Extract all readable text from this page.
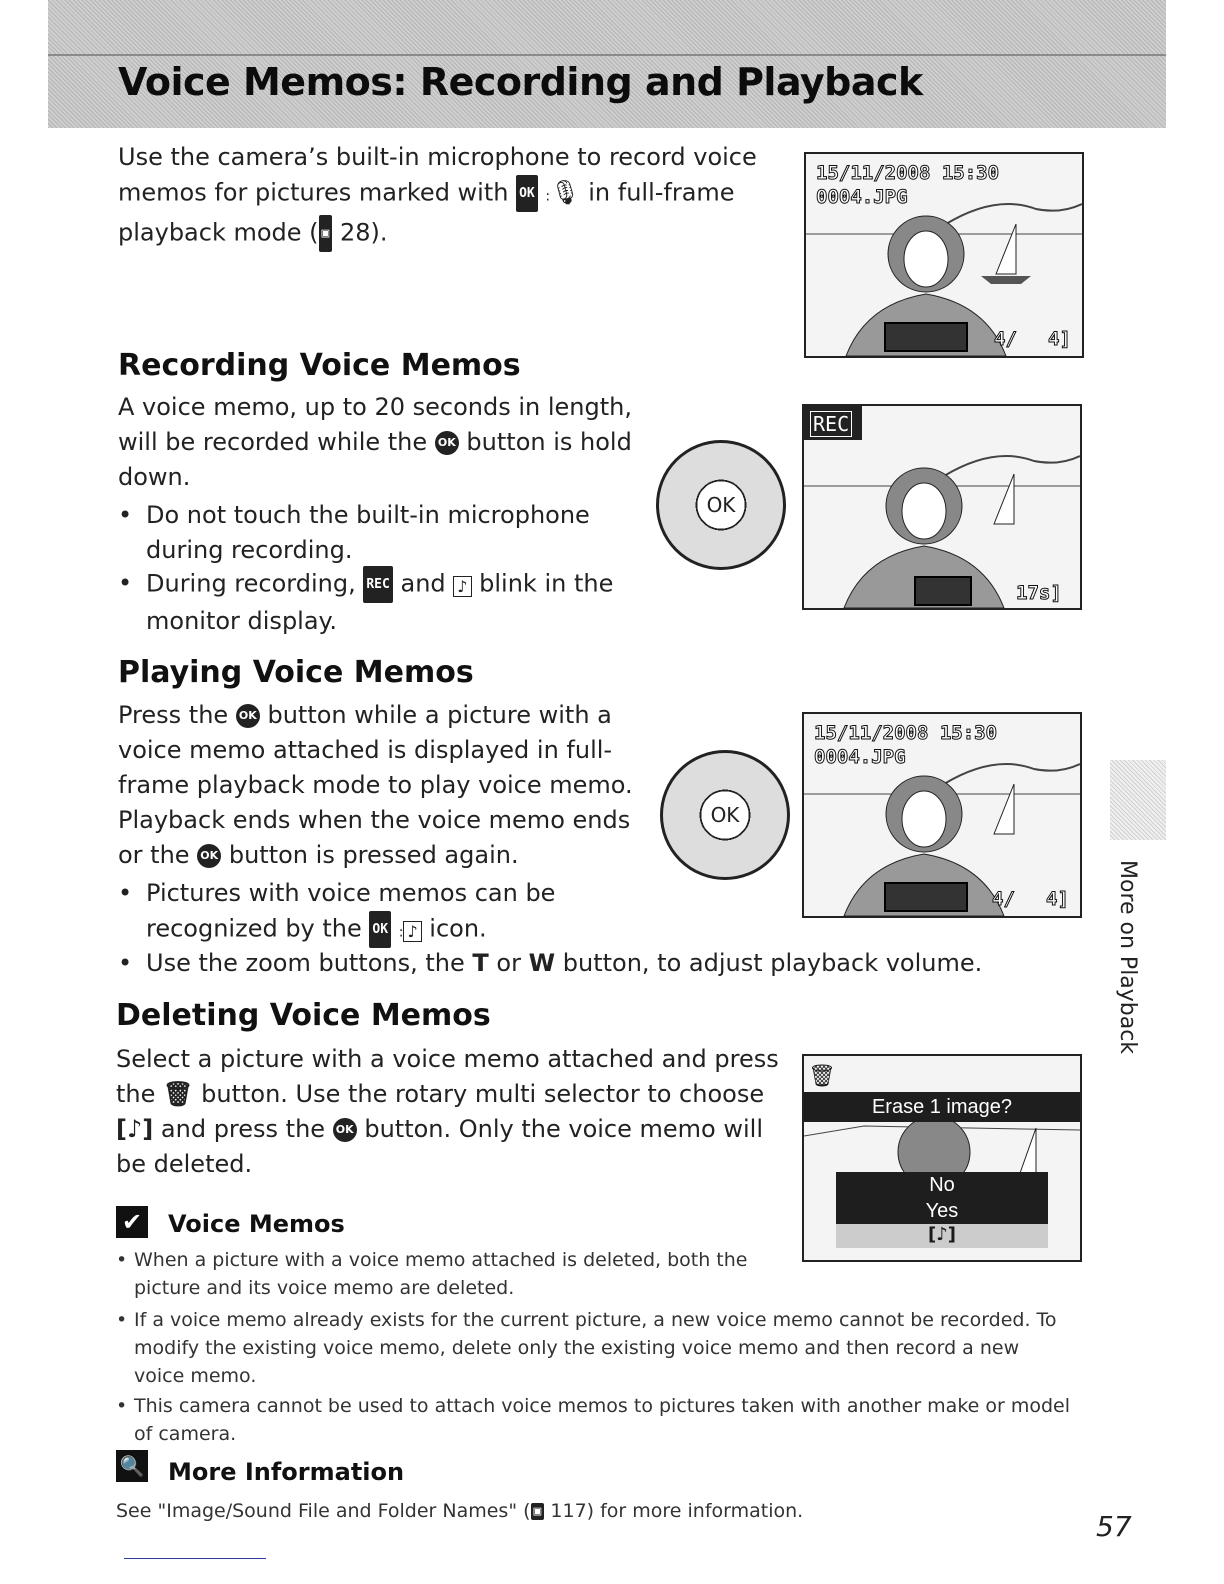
Voice Memos: Recording and Playback
Use the camera’s built-in microphone to record voice
memos for pictures marked with OK :🎙 in full-frame
playback mode ( ▣ 28).
15/11/2008 15:30
0004.JPG
4/ 4]
Recording Voice Memos
A voice memo, up to 20 seconds in length,
will be recorded while the OK button is hold
down.
• Do not touch the built-in microphone
during recording.
• During recording, REC and ♪ blink in the
monitor display.
OK
REC
17s]
Playing Voice Memos
Press the OK button while a picture with a
voice memo attached is displayed in full-
frame playback mode to play voice memo.
Playback ends when the voice memo ends
or the OK button is pressed again.
• Pictures with voice memos can be
recognized by the OK : ♪ icon.
• Use the zoom buttons, the T or W button, to adjust playback volume.
OK
15/11/2008 15:30
0004.JPG
4/ 4]
Deleting Voice Memos
Select a picture with a voice memo attached and press
the 🗑 button. Use the rotary multi selector to choose
[♪] and press the OK button. Only the voice memo will
be deleted.
🗑
Erase 1 image?
No
Yes
[♪]
✔ Voice Memos
• When a picture with a voice memo attached is deleted, both the
picture and its voice memo are deleted.
• If a voice memo already exists for the current picture, a new voice memo cannot be recorded. To
modify the existing voice memo, delete only the existing voice memo and then record a new
voice memo.
• This camera cannot be used to attach voice memos to pictures taken with another make or model
of camera.
🔍 More Information
See "Image/Sound File and Folder Names" ( ▣ 117) for more information.
More on Playback
57
